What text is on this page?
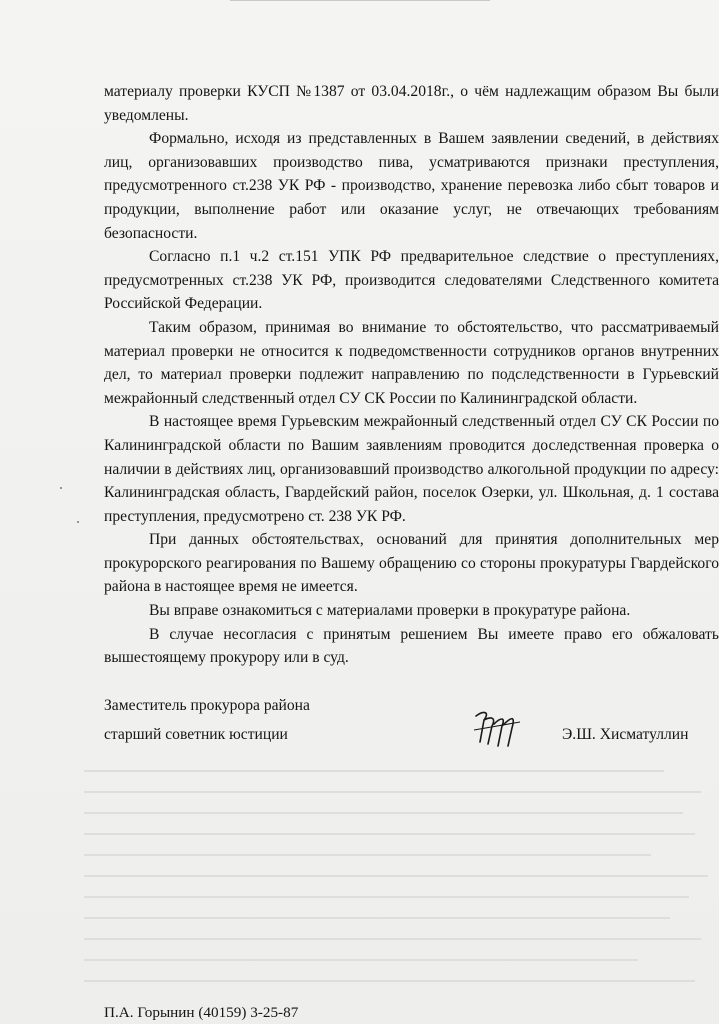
материалу проверки КУСП №1387 от 03.04.2018г., о чём надлежащим образом Вы были уведомлены.

Формально, исходя из представленных в Вашем заявлении сведений, в действиях лиц, организовавших производство пива, усматриваются признаки преступления, предусмотренного ст.238 УК РФ - производство, хранение перевозка либо сбыт товаров и продукции, выполнение работ или оказание услуг, не отвечающих требованиям безопасности.

Согласно п.1 ч.2 ст.151 УПК РФ предварительное следствие о преступлениях, предусмотренных ст.238 УК РФ, производится следователями Следственного комитета Российской Федерации.

Таким образом, принимая во внимание то обстоятельство, что рассматриваемый материал проверки не относится к подведомственности сотрудников органов внутренних дел, то материал проверки подлежит направлению по подследственности в Гурьевский межрайонный следственный отдел СУ СК России по Калининградской области.

В настоящее время Гурьевским межрайонный следственный отдел СУ СК России по Калининградской области по Вашим заявлениям проводится доследственная проверка о наличии в действиях лиц, организовавший производство алкогольной продукции по адресу: Калининградская область, Гвардейский район, поселок Озерки, ул. Школьная, д. 1 состава преступления, предусмотрено ст. 238 УК РФ.

При данных обстоятельствах, оснований для принятия дополнительных мер прокурорского реагирования по Вашему обращению со стороны прокуратуры Гвардейского района в настоящее время не имеется.

Вы вправе ознакомиться с материалами проверки в прокуратуре района.

В случае несогласия с принятым решением Вы имеете право его обжаловать вышестоящему прокурору или в суд.

Заместитель прокурора района
старший советник юстиции	Э.Ш. Хисматуллин
П.А. Горынин (40159) 3-25-87
